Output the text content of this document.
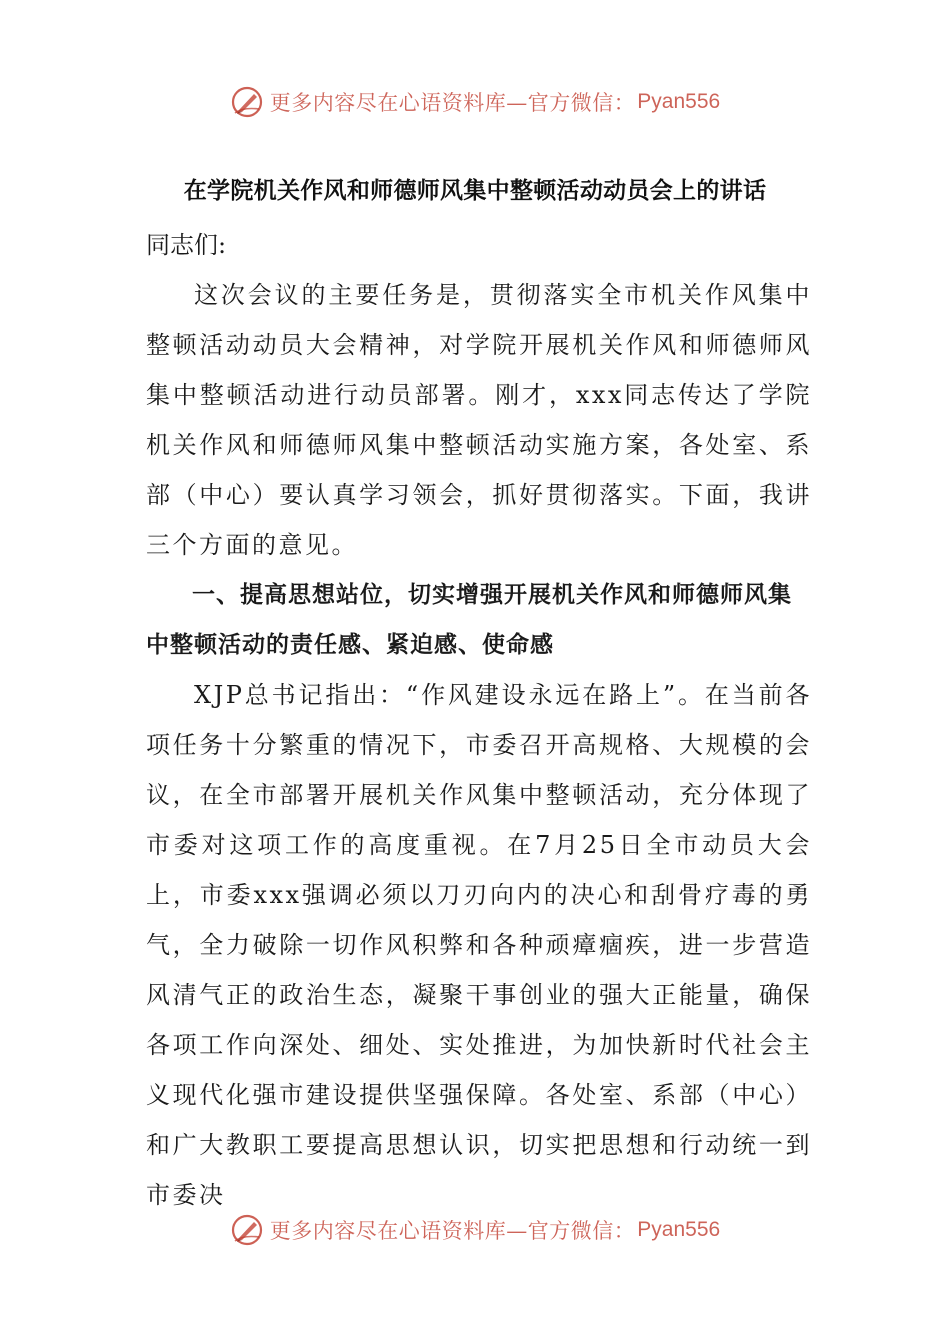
更多内容尽在心语资料库—官方微信： Pyan556
在学院机关作风和师德师风集中整顿活动动员会上的讲话

同志们:

这次会议的主要任务是，贯彻落实全市机关作风集中整顿活动动员大会精神，对学院开展机关作风和师德师风集中整顿活动进行动员部署。刚才，xxx同志传达了学院机关作风和师德师风集中整顿活动实施方案，各处室、系部（中心）要认真学习领会，抓好贯彻落实。下面，我讲三个方面的意见。

一、提高思想站位，切实增强开展机关作风和师德师风集中整顿活动的责任感、紧迫感、使命感

XJP总书记指出：“作风建设永远在路上”。在当前各项任务十分繁重的情况下，市委召开高规格、大规模的会议，在全市部署开展机关作风集中整顿活动，充分体现了市委对这项工作的高度重视。在7月25日全市动员大会上，市委xxx强调必须以刀刃向内的决心和刮骨疗毒的勇气，全力破除一切作风积弊和各种顽瘴痼疾，进一步营造风清气正的政治生态，凝聚干事创业的强大正能量，确保各项工作向深处、细处、实处推进，为加快新时代社会主义现代化强市建设提供坚强保障。各处室、系部（中心）和广大教职工要提高思想认识，切实把思想和行动统一到市委决

更多内容尽在心语资料库—官方微信： Pyan556
